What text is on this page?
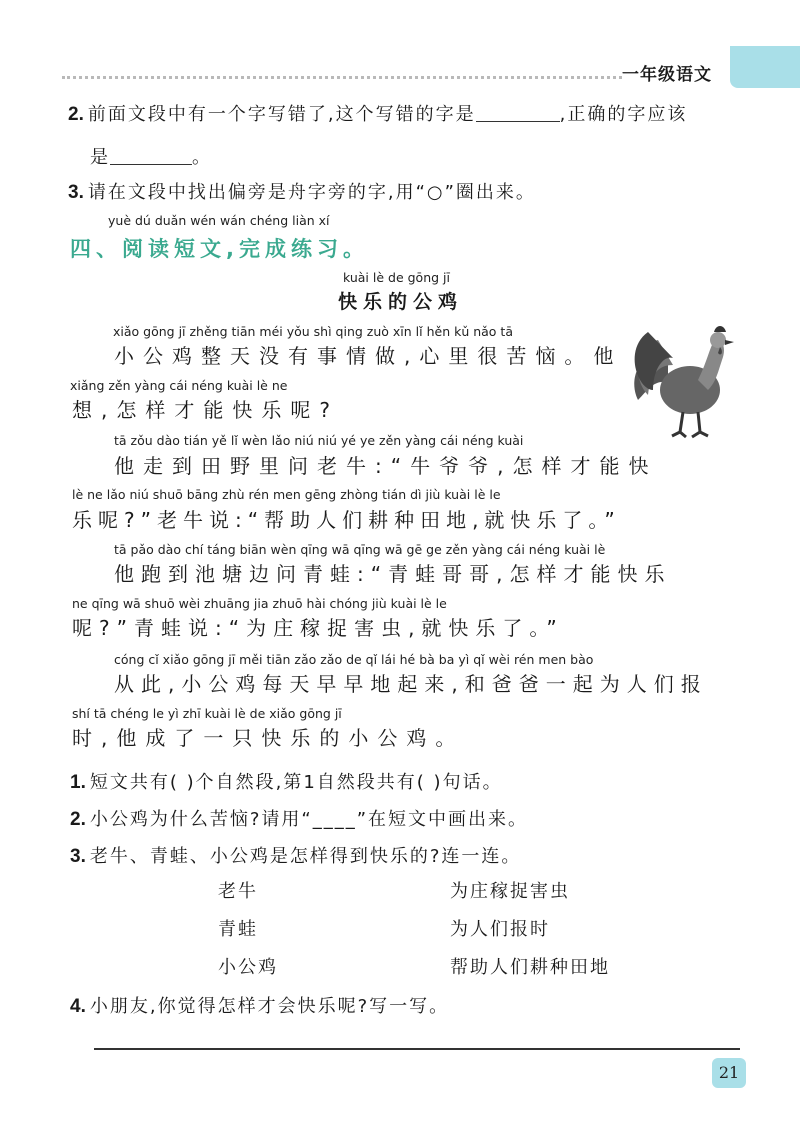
一年级语文
2. 前面文段中有一个字写错了,这个写错的字是	,正确的字应该
是	。
3. 请在文段中找出偏旁是舟字旁的字,用“○”圈出来。
yuè dú duǎn wén wán chéng liàn xí
四、阅读短文,完成练习。
kuài lè de gōng jī
快乐的公鸡
xiǎo gōng jī zhěng tiān méi yǒu shì qing zuò xīn lǐ hěn kǔ nǎo tā
小公鸡整天没有事情做,心里很苦恼。他
xiǎng zěn yàng cái néng kuài lè ne
想,怎样才能快乐呢?
tā zǒu dào tián yě lǐ wèn lǎo niú niú yé ye zěn yàng cái néng kuài
他走到田野里问老牛:“牛爷爷,怎样才能快
lè ne lǎo niú shuō bāng zhù rén men gēng zhòng tián dì jiù kuài lè le
乐呢?”老牛说:“帮助人们耕种田地,就快乐了。”
tā pǎo dào chí táng biān wèn qīng wā qīng wā gē ge zěn yàng cái néng kuài lè
他跑到池塘边问青蛙:“青蛙哥哥,怎样才能快乐
ne qīng wā shuō wèi zhuāng jia zhuō hài chóng jiù kuài lè le
呢?”青蛙说:“为庄稼捉害虫,就快乐了。”
cóng cǐ xiǎo gōng jī měi tiān zǎo zǎo de qǐ lái hé bà ba yì qǐ wèi rén men bào
从此,小公鸡每天早早地起来,和爸爸一起为人们报
shí tā chéng le yì zhī kuài lè de xiǎo gōng jī
时,他成了一只快乐的小公鸡。
1. 短文共有( )个自然段,第1自然段共有( )句话。
2. 小公鸡为什么苦恼?请用“____”在短文中画出来。
3. 老牛、青蛙、小公鸡是怎样得到快乐的?连一连。
老牛
青蛙
小公鸡
为庄稼捉害虫
为人们报时
帮助人们耕种田地
4. 小朋友,你觉得怎样才会快乐呢?写一写。
21
